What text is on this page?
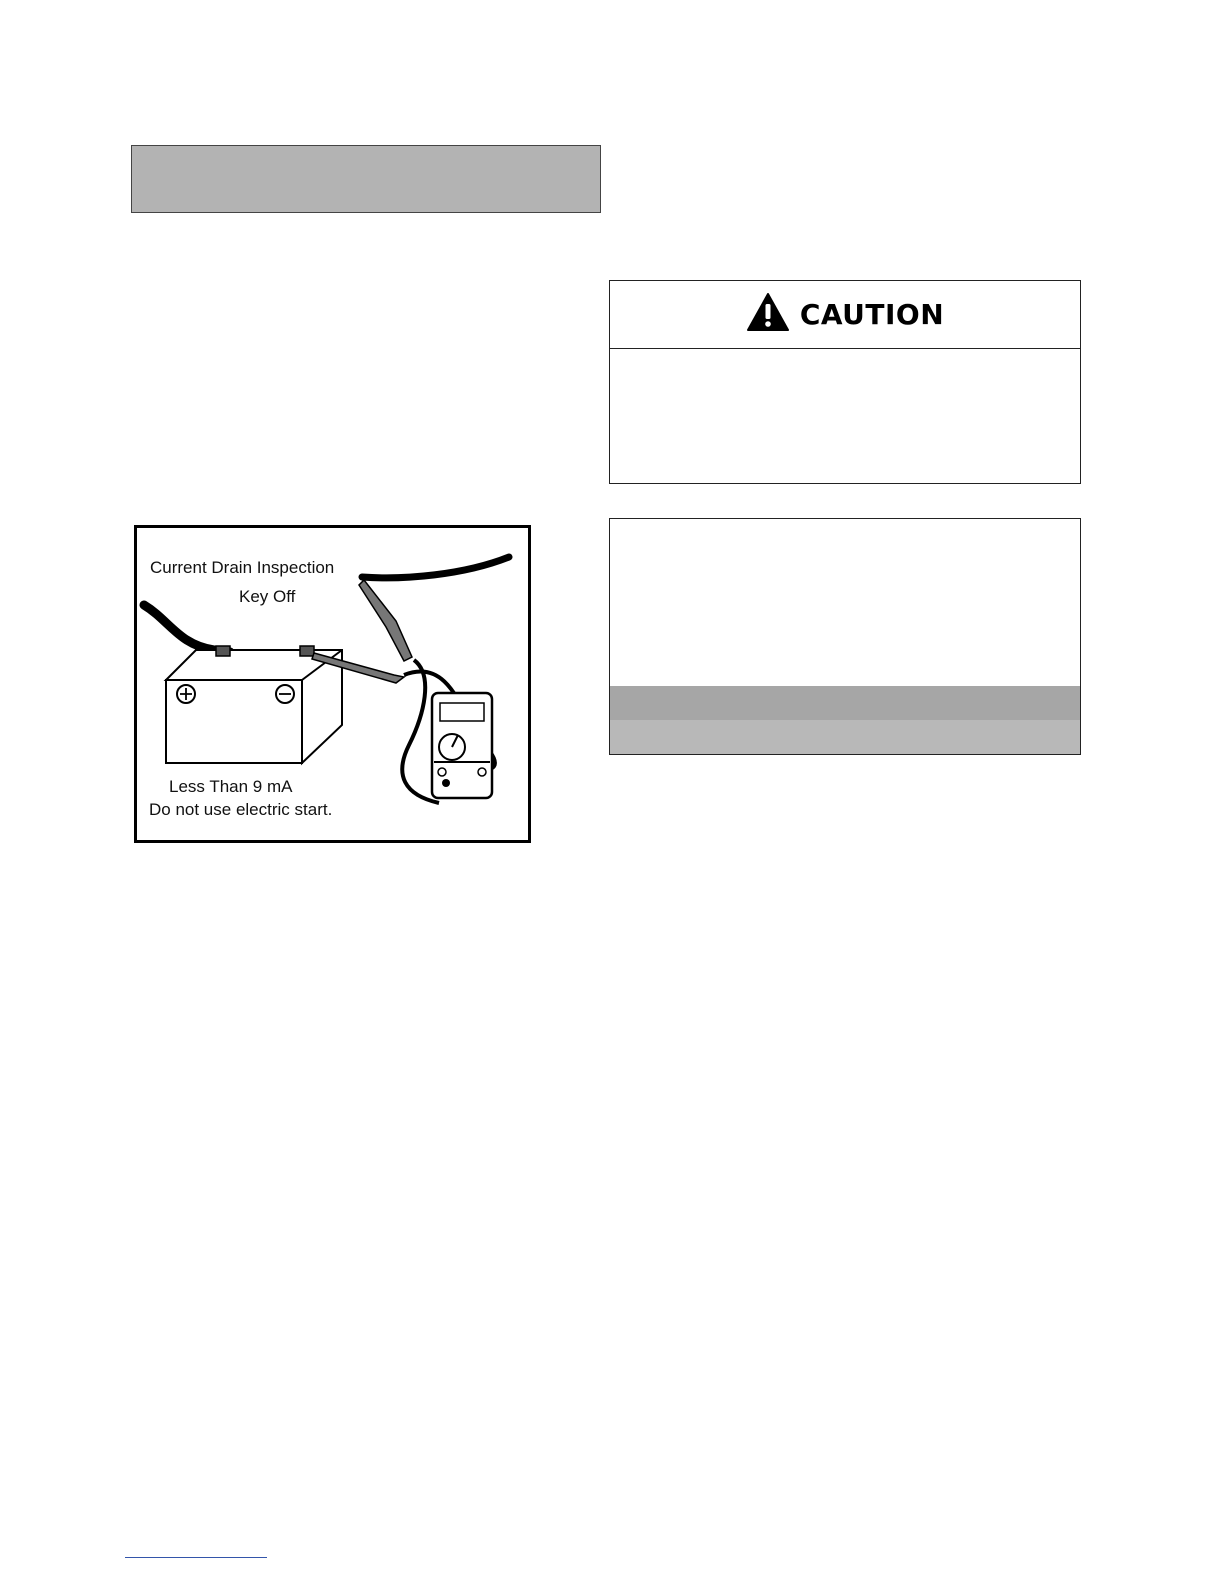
CAUTION
Current Drain Inspection
Key Off
Less Than 9 mA
Do not use electric start.
